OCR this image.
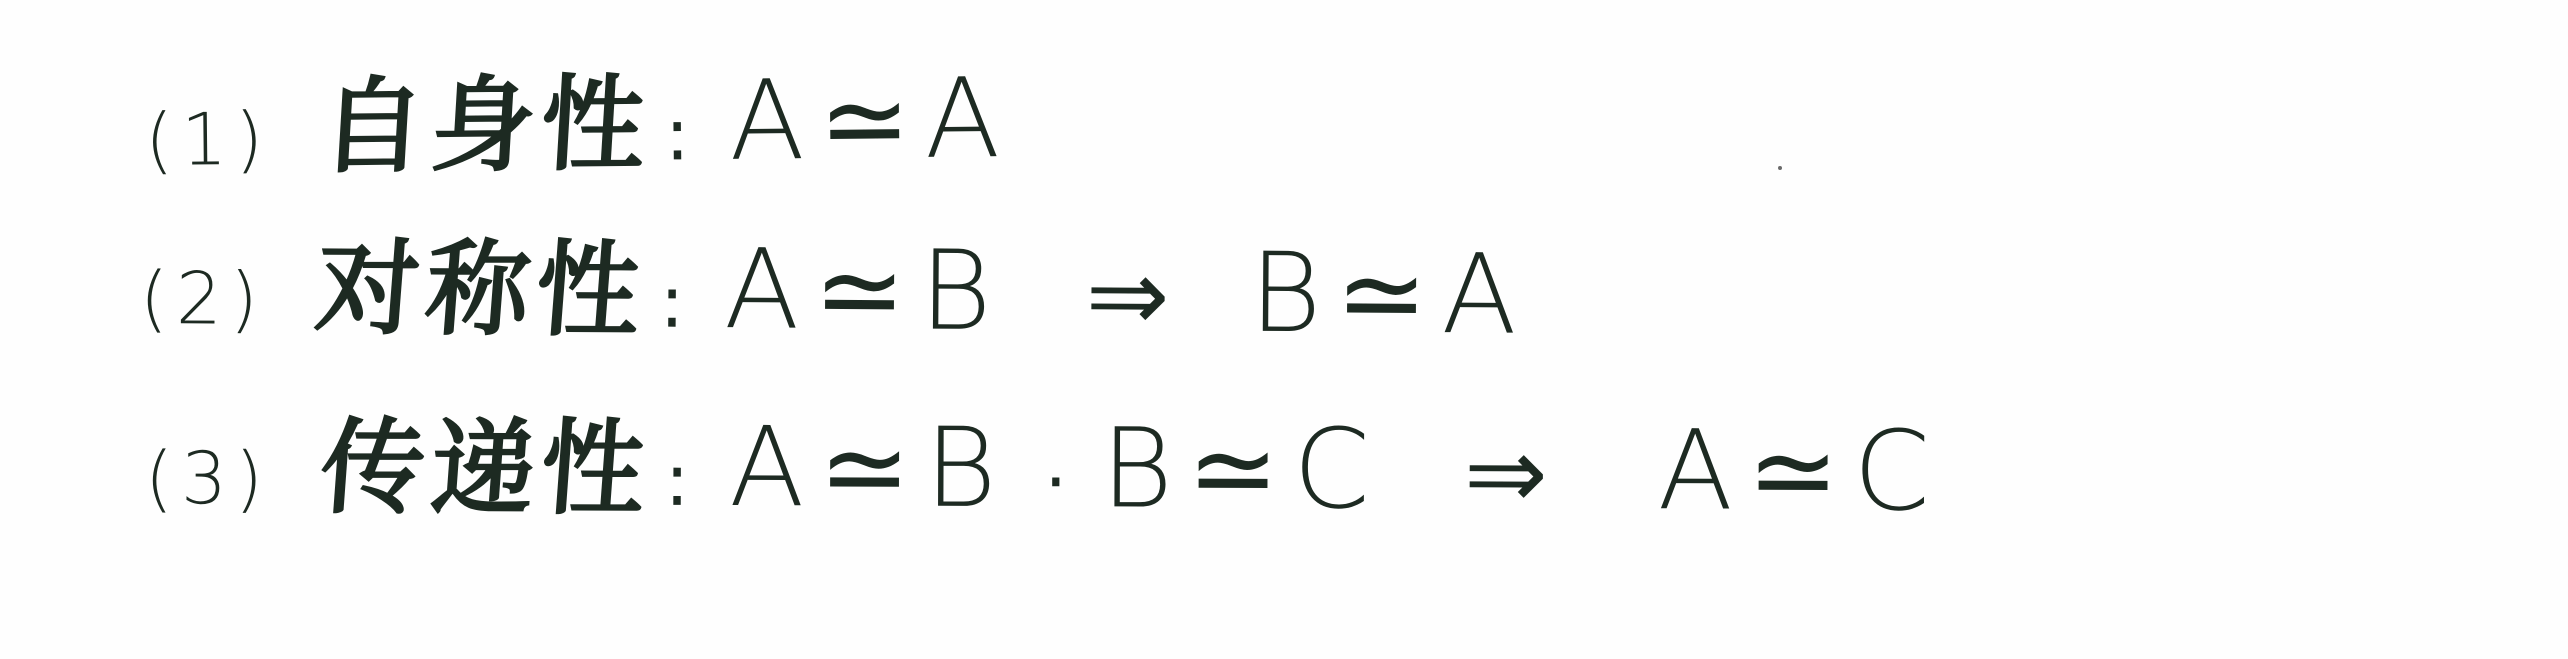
(1) 自身性 : A≃A
(2) 对称性 : A≃B ⇒ B≃A
(3) 传递性 : A≃B · B≃C ⇒ A≃C
